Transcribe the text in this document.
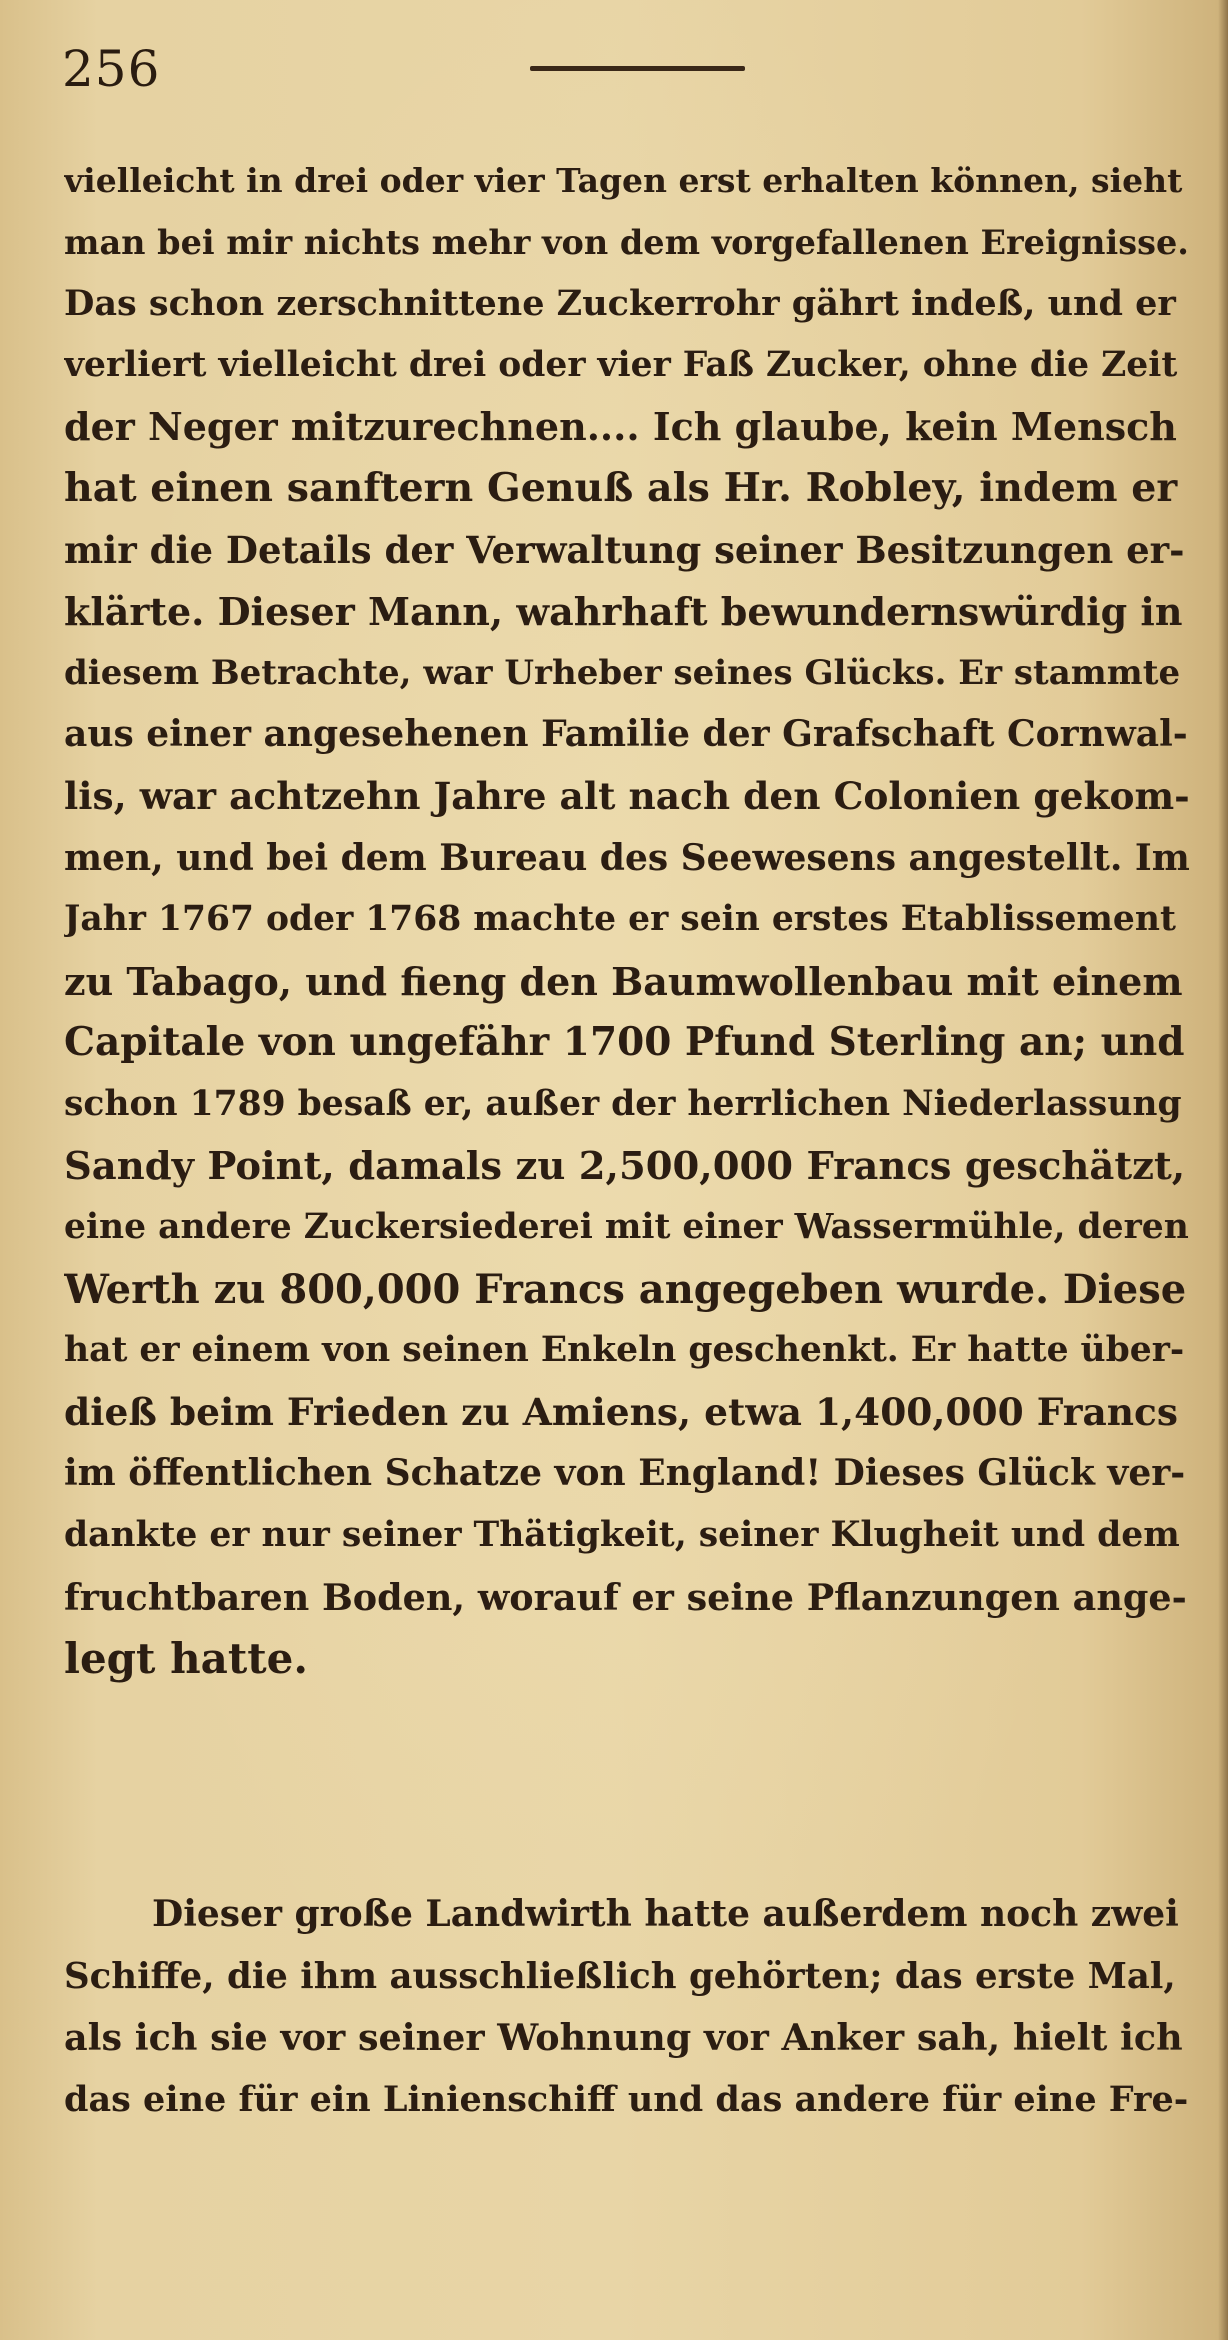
256

vielleicht in drei oder vier Tagen erst erhalten können, sieht
man bei mir nichts mehr von dem vorgefallenen Ereignisse.
Das schon zerschnittene Zuckerrohr gährt indeß, und er
verliert vielleicht drei oder vier Faß Zucker, ohne die Zeit
der Neger mitzurechnen.... Ich glaube, kein Mensch
hat einen sanftern Genuß als Hr. Robley, indem er
mir die Details der Verwaltung seiner Besitzungen er-
klärte. Dieser Mann, wahrhaft bewundernswürdig in
diesem Betrachte, war Urheber seines Glücks. Er stammte
aus einer angesehenen Familie der Grafschaft Cornwal-
lis, war achtzehn Jahre alt nach den Colonien gekom-
men, und bei dem Bureau des Seewesens angestellt. Im
Jahr 1767 oder 1768 machte er sein erstes Etablissement
zu Tabago, und fieng den Baumwollenbau mit einem
Capitale von ungefähr 1700 Pfund Sterling an; und
schon 1789 besaß er, außer der herrlichen Niederlassung
Sandy Point, damals zu 2,500,000 Francs geschätzt,
eine andere Zuckersiederei mit einer Wassermühle, deren
Werth zu 800,000 Francs angegeben wurde. Diese
hat er einem von seinen Enkeln geschenkt. Er hatte über-
dieß beim Frieden zu Amiens, etwa 1,400,000 Francs
im öffentlichen Schatze von England! Dieses Glück ver-
dankte er nur seiner Thätigkeit, seiner Klugheit und dem
fruchtbaren Boden, worauf er seine Pflanzungen ange-
legt hatte.
Dieser große Landwirth hatte außerdem noch zwei
Schiffe, die ihm ausschließlich gehörten; das erste Mal,
als ich sie vor seiner Wohnung vor Anker sah, hielt ich
das eine für ein Linienschiff und das andere für eine Fre-
